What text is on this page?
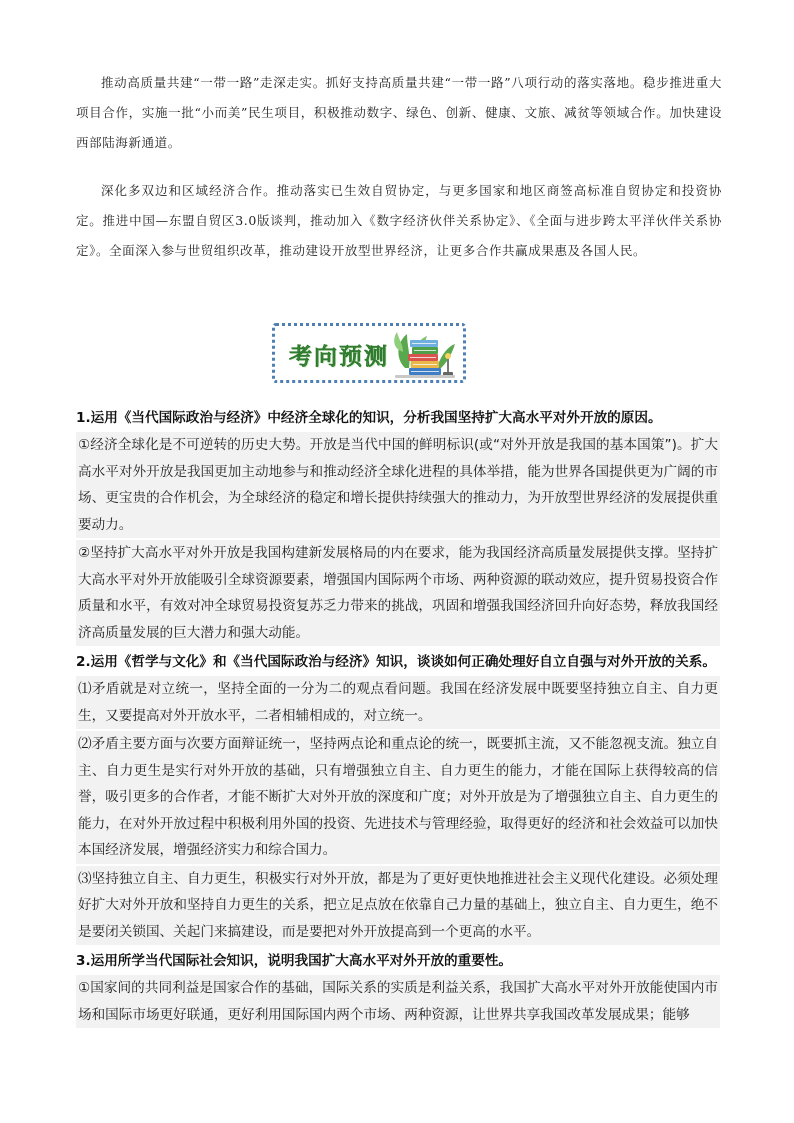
推动高质量共建“一带一路”走深走实。抓好支持高质量共建“一带一路”八项行动的落实落地。稳步推进重大项目合作，实施一批“小而美”民生项目，积极推动数字、绿色、创新、健康、文旅、减贫等领域合作。加快建设西部陆海新通道。

深化多双边和区域经济合作。推动落实已生效自贸协定，与更多国家和地区商签高标准自贸协定和投资协定。推进中国—东盟自贸区3.0版谈判，推动加入《数字经济伙伴关系协定》、《全面与进步跨太平洋伙伴关系协定》。全面深入参与世贸组织改革，推动建设开放型世界经济，让更多合作共赢成果惠及各国人民。

考向预测
1.运用《当代国际政治与经济》中经济全球化的知识，分析我国坚持扩大高水平对外开放的原因。

①经济全球化是不可逆转的历史大势。开放是当代中国的鲜明标识(或“对外开放是我国的基本国策”)。扩大高水平对外开放是我国更加主动地参与和推动经济全球化进程的具体举措，能为世界各国提供更为广阔的市场、更宝贵的合作机会，为全球经济的稳定和增长提供持续强大的推动力，为开放型世界经济的发展提供重要动力。

②坚持扩大高水平对外开放是我国构建新发展格局的内在要求，能为我国经济高质量发展提供支撑。坚持扩大高水平对外开放能吸引全球资源要素，增强国内国际两个市场、两种资源的联动效应，提升贸易投资合作质量和水平，有效对冲全球贸易投资复苏乏力带来的挑战，巩固和增强我国经济回升向好态势，释放我国经济高质量发展的巨大潜力和强大动能。

2.运用《哲学与文化》和《当代国际政治与经济》知识，谈谈如何正确处理好自立自强与对外开放的关系。

⑴矛盾就是对立统一，坚持全面的一分为二的观点看问题。我国在经济发展中既要坚持独立自主、自力更生，又要提高对外开放水平，二者相辅相成的，对立统一。

⑵矛盾主要方面与次要方面辩证统一，坚持两点论和重点论的统一，既要抓主流，又不能忽视支流。独立自主、自力更生是实行对外开放的基础，只有增强独立自主、自力更生的能力，才能在国际上获得较高的信誉，吸引更多的合作者，才能不断扩大对外开放的深度和广度；对外开放是为了增强独立自主、自力更生的能力，在对外开放过程中积极利用外国的投资、先进技术与管理经验，取得更好的经济和社会效益可以加快本国经济发展，增强经济实力和综合国力。

⑶坚持独立自主、自力更生，积极实行对外开放，都是为了更好更快地推进社会主义现代化建设。必须处理好扩大对外开放和坚持自力更生的关系，把立足点放在依靠自己力量的基础上，独立自主、自力更生，绝不是要闭关锁国、关起门来搞建设，而是要把对外开放提高到一个更高的水平。

3.运用所学当代国际社会知识，说明我国扩大高水平对外开放的重要性。

①国家间的共同利益是国家合作的基础，国际关系的实质是利益关系，我国扩大高水平对外开放能使国内市场和国际市场更好联通，更好利用国际国内两个市场、两种资源，让世界共享我国改革发展成果；能够
